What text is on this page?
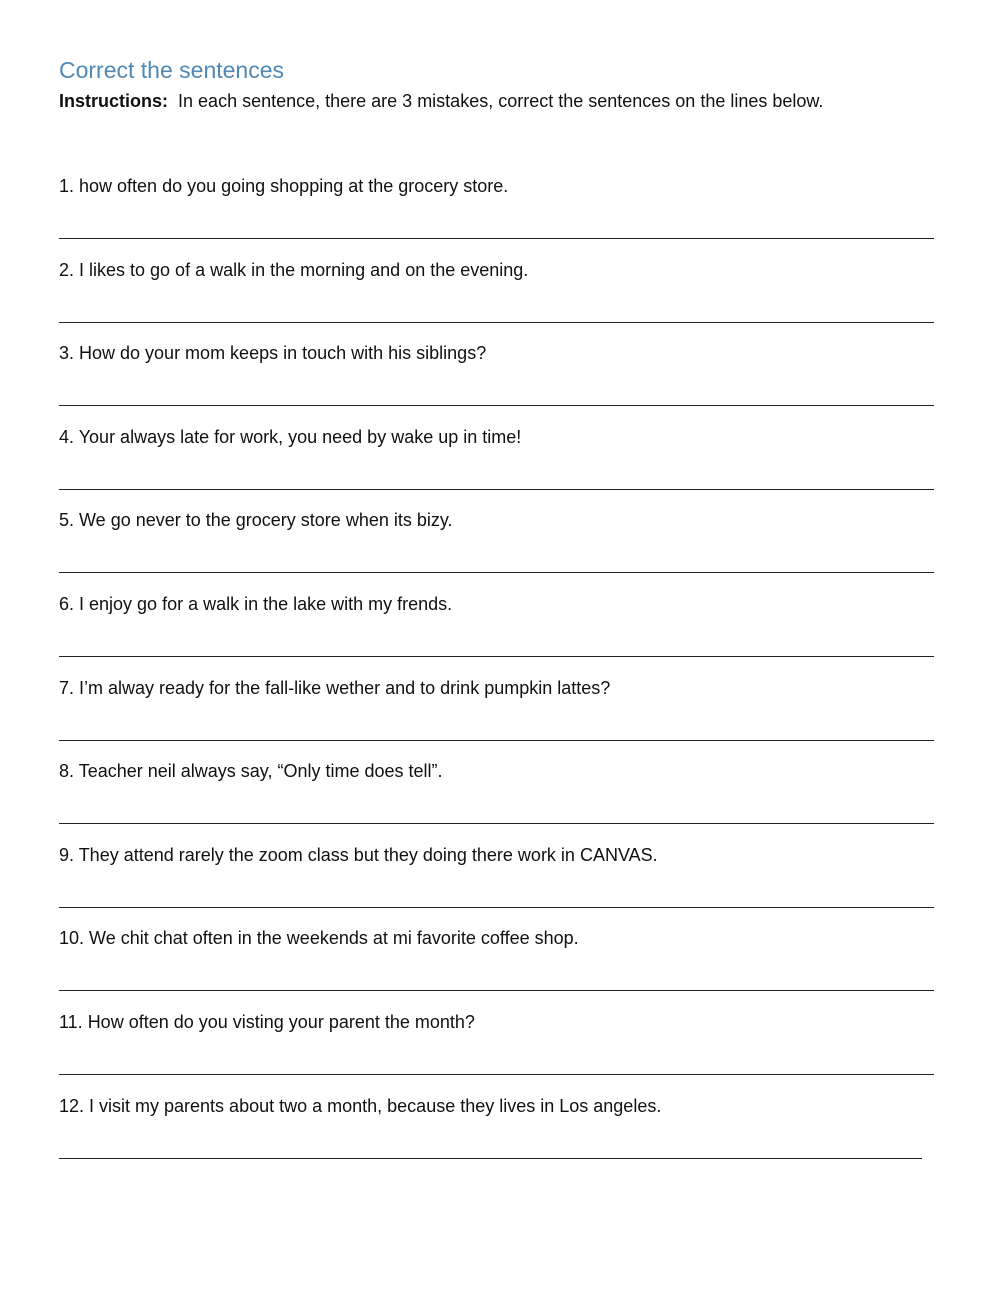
Correct the sentences
Instructions: In each sentence, there are 3 mistakes, correct the sentences on the lines below.
1. how often do you going shopping at the grocery store.
2. I likes to go of a walk in the morning and on the evening.
3. How do your mom keeps in touch with his siblings?
4. Your always late for work, you need by wake up in time!
5. We go never to the grocery store when its bizy.
6. I enjoy go for a walk in the lake with my frends.
7. I’m alway ready for the fall-like wether and to drink pumpkin lattes?
8. Teacher neil always say, “Only time does tell”.
9. They attend rarely the zoom class but they doing there work in CANVAS.
10. We chit chat often in the weekends at mi favorite coffee shop.
11. How often do you visting your parent the month?
12. I visit my parents about two a month, because they lives in Los angeles.
